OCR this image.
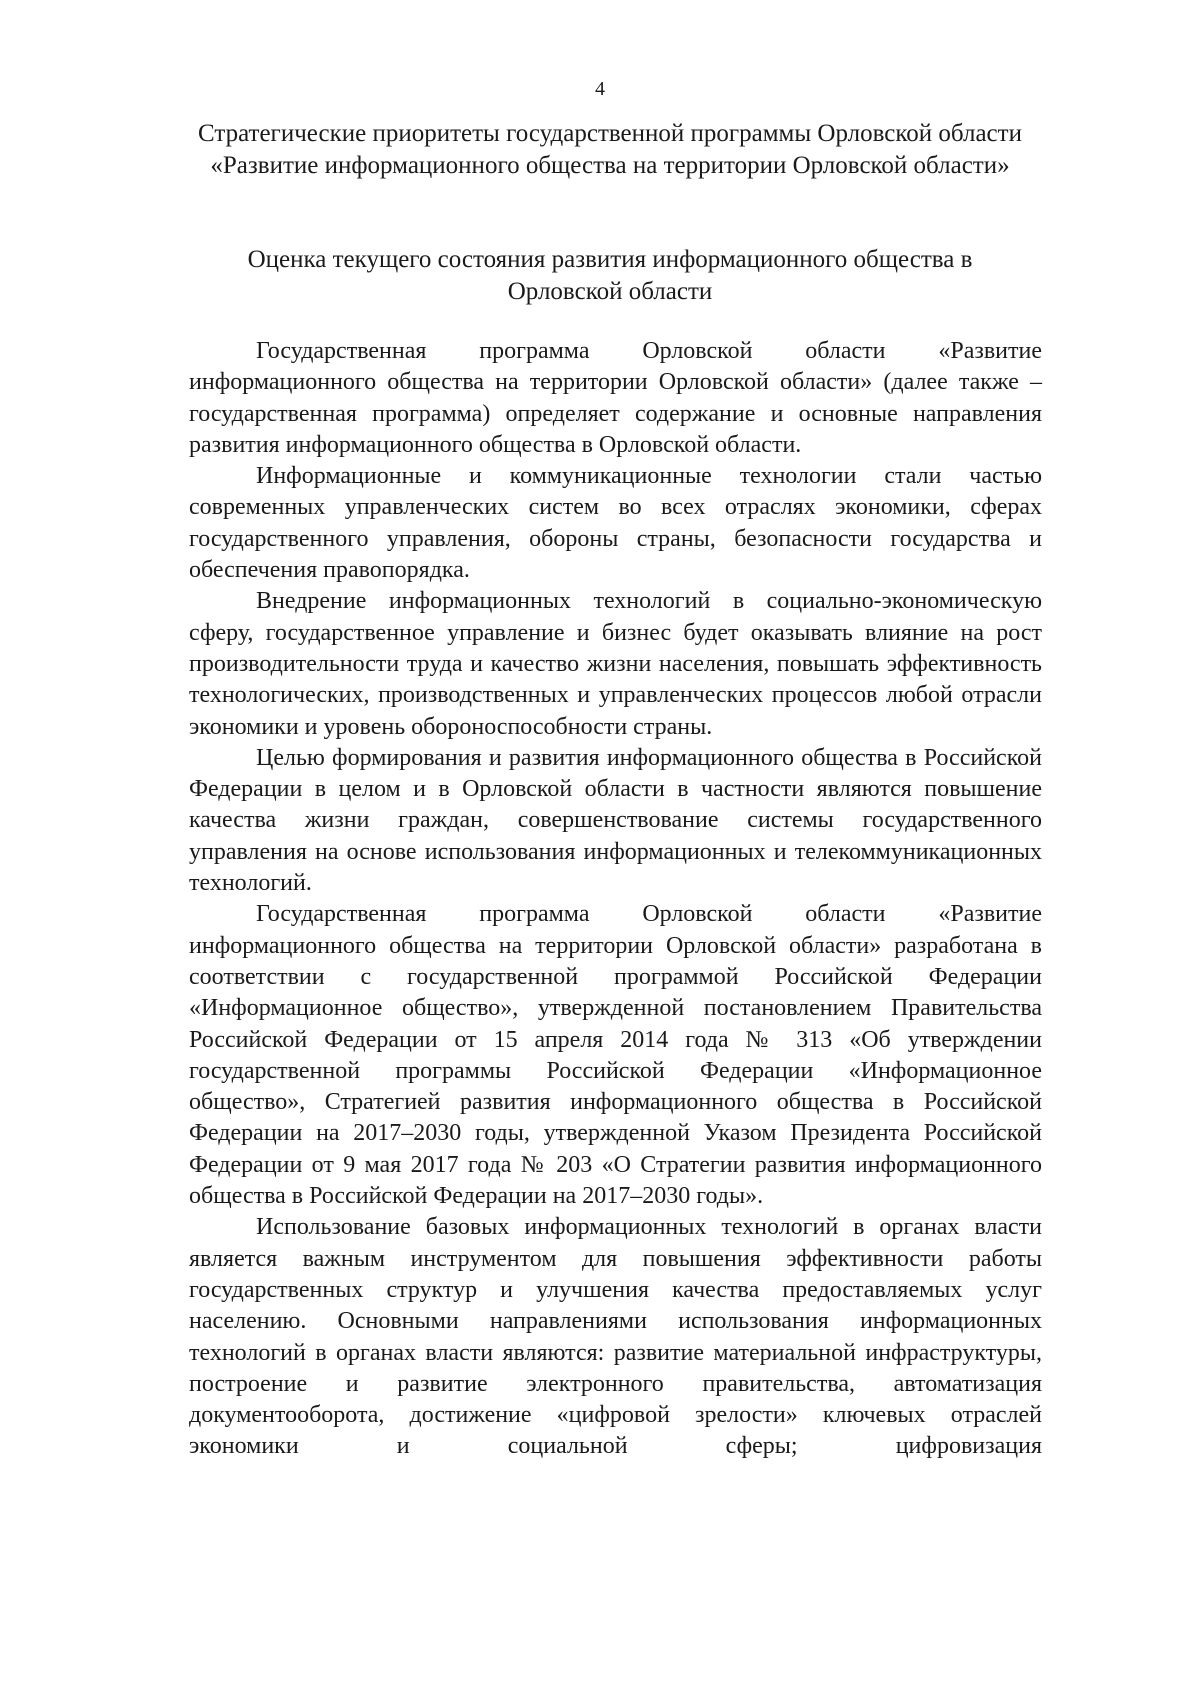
4
Стратегические приоритеты государственной программы Орловской области «Развитие информационного общества на территории Орловской области»
Оценка текущего состояния развития информационного общества в Орловской области

Государственная программа Орловской области «Развитие информационного общества на территории Орловской области» (далее также – государственная программа) определяет содержание и основные направления развития информационного общества в Орловской области.

Информационные и коммуникационные технологии стали частью современных управленческих систем во всех отраслях экономики, сферах государственного управления, обороны страны, безопасности государства и обеспечения правопорядка.

Внедрение информационных технологий в социально-экономическую сферу, государственное управление и бизнес будет оказывать влияние на рост производительности труда и качество жизни населения, повышать эффективность технологических, производственных и управленческих процессов любой отрасли экономики и уровень обороноспособности страны.

Целью формирования и развития информационного общества в Российской Федерации в целом и в Орловской области в частности являются повышение качества жизни граждан, совершенствование системы государственного управления на основе использования информационных и телекоммуникационных технологий.

Государственная программа Орловской области «Развитие информационного общества на территории Орловской области» разработана в соответствии с государственной программой Российской Федерации «Информационное общество», утвержденной постановлением Правительства Российской Федерации от 15 апреля 2014 года № 313 «Об утверждении государственной программы Российской Федерации «Информационное общество», Стратегией развития информационного общества в Российской Федерации на 2017–2030 годы, утвержденной Указом Президента Российской Федерации от 9 мая 2017 года № 203 «О Стратегии развития информационного общества в Российской Федерации на 2017–2030 годы».

Использование базовых информационных технологий в органах власти является важным инструментом для повышения эффективности работы государственных структур и улучшения качества предоставляемых услуг населению. Основными направлениями использования информационных технологий в органах власти являются: развитие материальной инфраструктуры, построение и развитие электронного правительства, автоматизация документооборота, достижение «цифровой зрелости» ключевых отраслей экономики и социальной сферы; цифровизация
